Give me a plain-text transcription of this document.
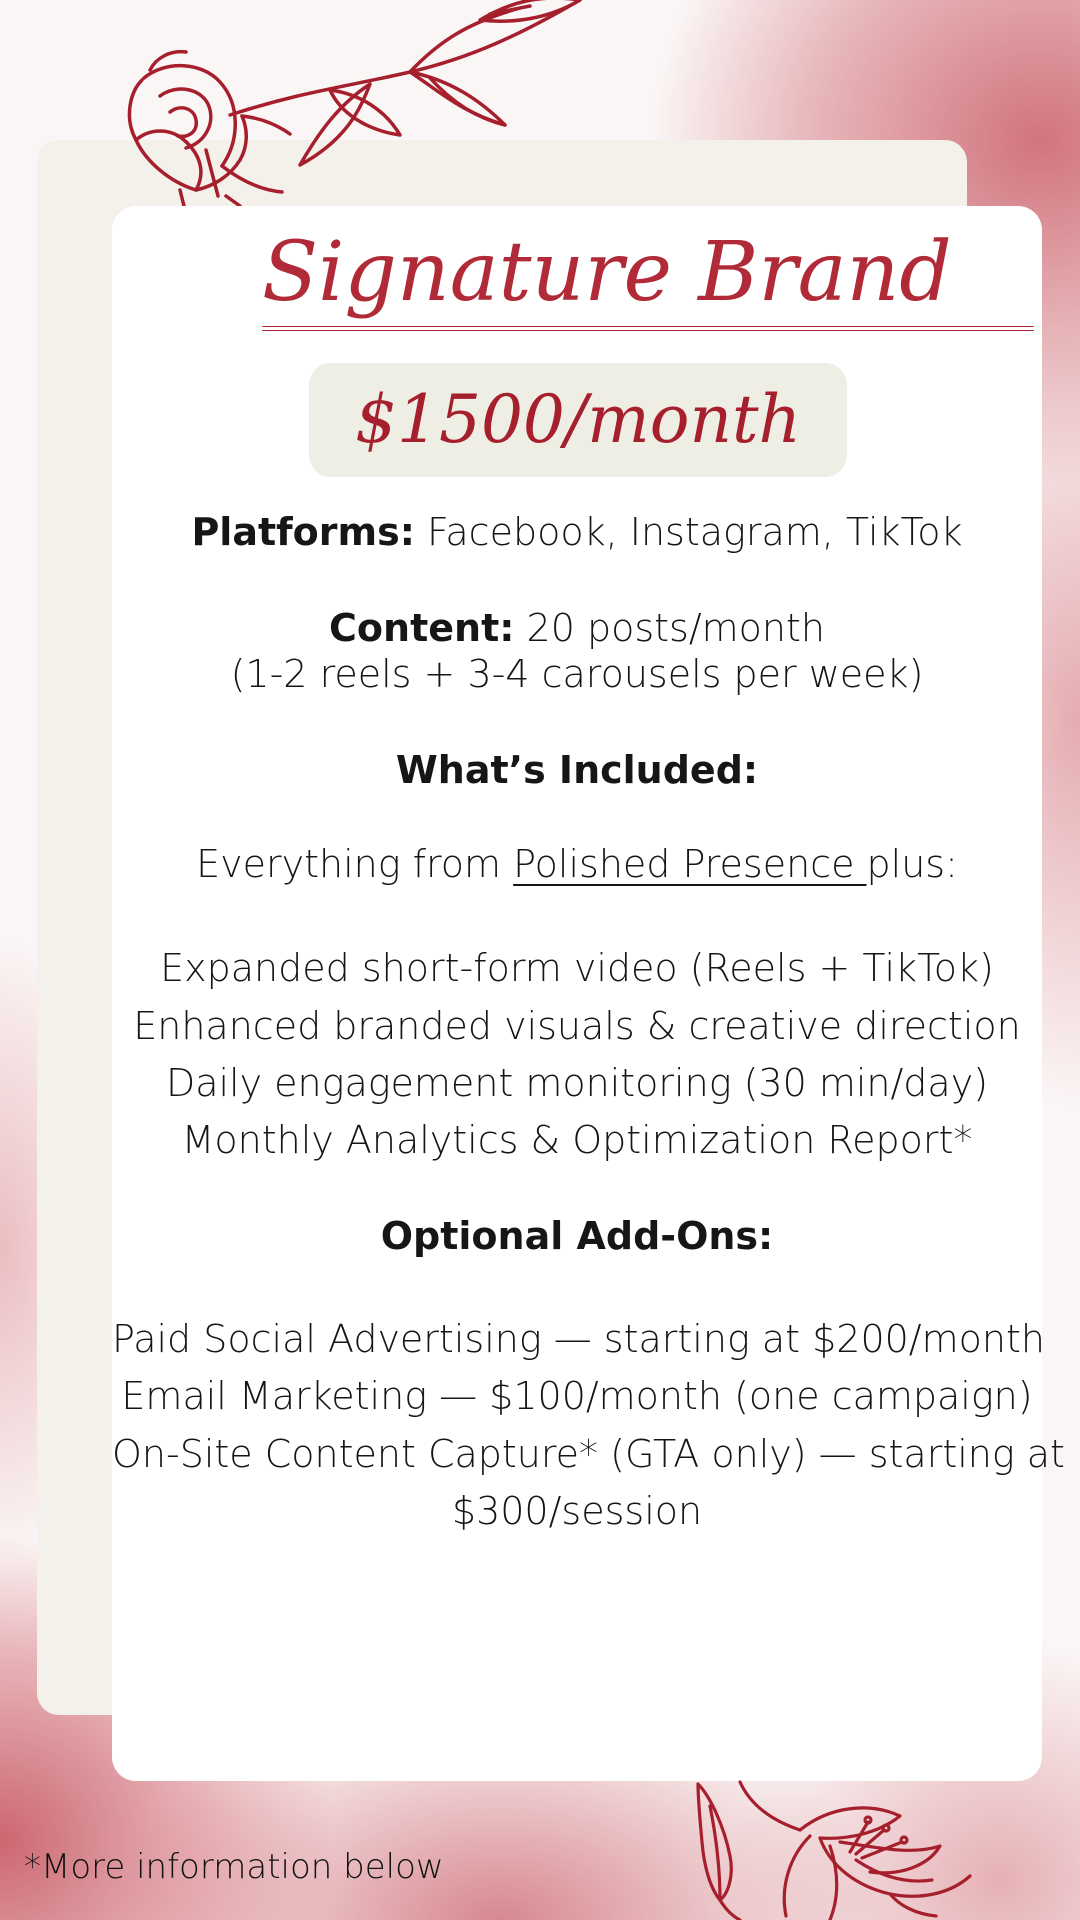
Signature Brand
$1500/month
Platforms: Facebook, Instagram, TikTok
Content: 20 posts/month
(1-2 reels + 3-4 carousels per week)
What’s Included:
Everything from Polished Presence plus:
Expanded short-form video (Reels + TikTok)
Enhanced branded visuals & creative direction
Daily engagement monitoring (30 min/day)
Monthly Analytics & Optimization Report*
Optional Add-Ons:
Paid Social Advertising — starting at $200/month
Email Marketing — $100/month (one campaign)
On-Site Content Capture* (GTA only) — starting at
$300/session
*More information below
